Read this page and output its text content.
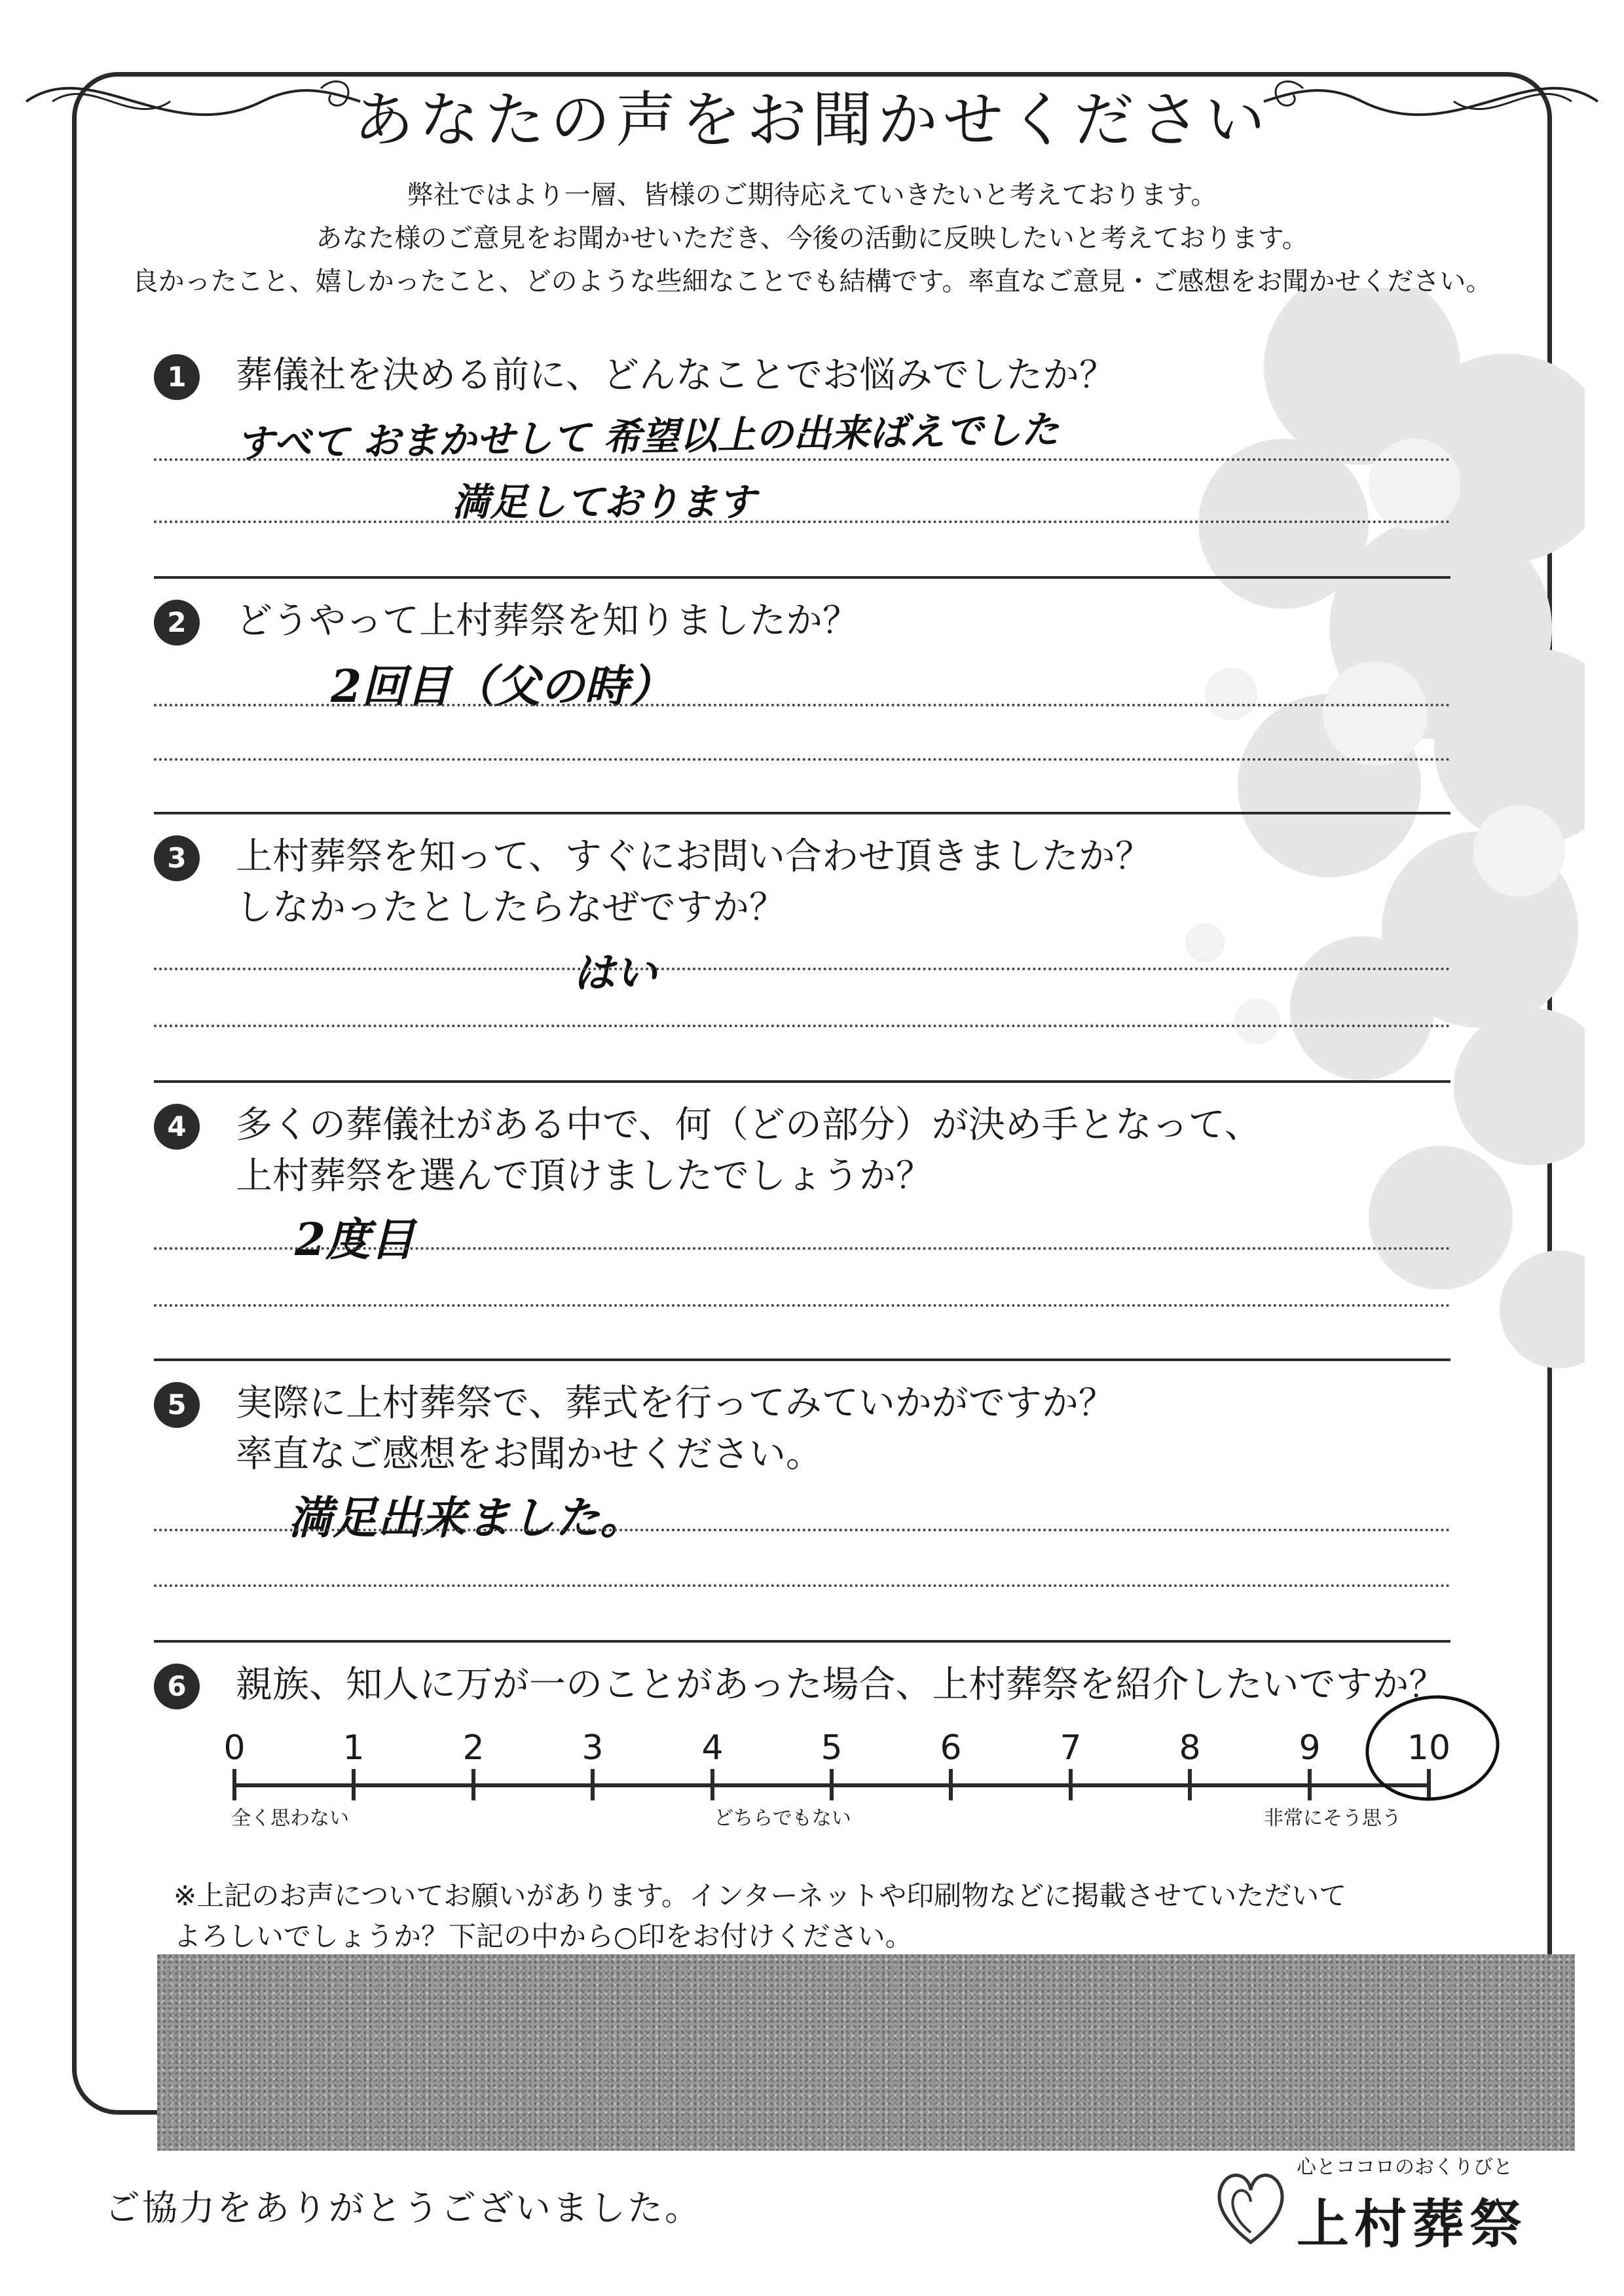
あなたの声をお聞かせください
弊社ではより一層、皆様のご期待応えていきたいと考えております。
あなた様のご意見をお聞かせいただき、今後の活動に反映したいと考えております。
良かったこと、嬉しかったこと、どのような些細なことでも結構です。率直なご意見・ご感想をお聞かせください。
1	葬儀社を決める前に、どんなことでお悩みでしたか？
すべて おまかせして 希望以上の出来ばえでした
満足しております
2	どうやって上村葬祭を知りましたか？
2回目（父の時）
3	上村葬祭を知って、すぐにお問い合わせ頂きましたか？
しなかったとしたらなぜですか？
はい
4	多くの葬儀社がある中で、何（どの部分）が決め手となって、
上村葬祭を選んで頂けましたでしょうか？
2度目
5	実際に上村葬祭で、葬式を行ってみていかがですか？
率直なご感想をお聞かせください。
満足出来ました。
6	親族、知人に万が一のことがあった場合、上村葬祭を紹介したいですか？
全く思わない	どちらでもない	非常にそう思う
0	1	2	3	4	5	6	7	8	9	10
※上記のお声についてお願いがあります。インターネットや印刷物などに掲載させていただいて
よろしいでしょうか？下記の中から○印をお付けください。
ご協力をありがとうございました。
心とココロのおくりびと
上村葬祭
